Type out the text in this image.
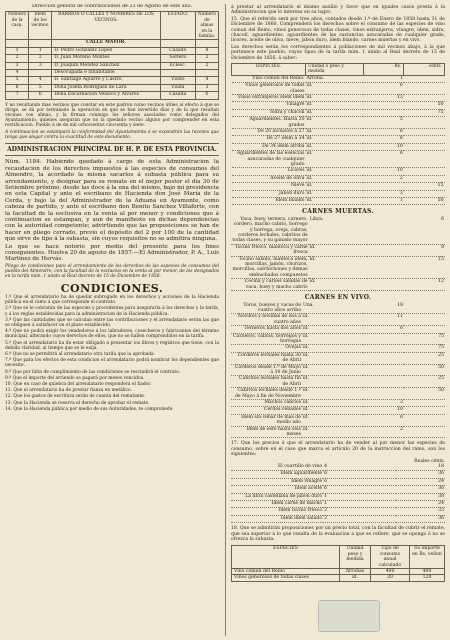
Direccion general de contribuciones de 23 de Agosto de este año.
Número de la casa.	Idem de los vecinos.	BARRIOS O CALLES Y NOMBRES DE LOS VECINOS.	ESTADO.	Número de almas en la familia.
		CALLE MAYOR.		
1	1	D. Pedro Gonzalez Lopez	Casado	8
2	2	D. Juan Moreno Montes	Soltero	2
3	3	D. Joaquin Mendez Sanchez	Eclesc.	2
4		Desocupada é inhabitable		
5	4	D. Santiago Aguirre y Castro	Viudo	4
6	5	Doña Josefa Rodriguez de Lara	Viuda	3
7	6	Doña Encarnacion Velasco y Alvarez	Casada	6
Y no resultando mas vecinos que constar en este padron como vecinos útiles al efecto á que se dirige, se dá por terminado la operacion en que se han invertido días y de la que resultan vecinos con almas, y la firman conmigo los señores asociados como delegados del Ayuntamiento, quienes aseguran que no la quedado vecino alguno por comprender en esta rectificacion. Pueblo á de de mil ochocientos cincuenta y siete.
A continuacion se estampará la conformidad del Ayuntamiento ó se expondrán las razones que tenga que alegar contra la exactitud de este documento.
ADMINISTRACION PRINCIPAL DE H. P. DE ESTA PROVINCIA.
Núm. 1184. Habiendo quedado á cargo de esta Administracion la recaudacion de los derechos impuestos á las especies de consumos del Almendro, la acordado la misma sacarlos á subasta pública para su arrendamiento, y designar para su remate en el mejor postor el dia 30 de Setiembre próximo, desde las doce á la una del mismo, bajo mi presidencia en esta Capital y ante el escribano de Hacienda don José María de la Cerda, y bajo la del Administrador de la Aduana en Ayamonte, como cabeza de partido, y ante el escribano don Benito Sanchez Villaforte, con la facultad de la esclusiva en la venta al por menor y condiciones que á continuacion se estampan, y aun de manifiesto en dichas dependencias con la autoridad competente; advirtiendo que las proposiciones se han de hacer en pliego cerrado, previo el depósito del 2 por 100 de la cantidad que sirve de tipo á la subasta, sin cuyos requisitos no se admitira ninguna.
Lo que se hace notorio por medio del presente para los fines consiguientes. Huelva 20 de agosto de 1857.—El Administrador, P. A., Luis Martinez de Hervás.
Pliego de condiciones para el arrendamiento de los derechos de las especies de consumos del pueblo del Almendro, con la facultad de la esclusiva en la venta al por menor, de los designados en la tarifa núm. 1 unido al Real decreto de 15 de Diciembre de 1856.
CONDICIONES.
1.º Que el arrendatario ha de quedar subrogado en los derechos y acciones de la Hacienda pública en el ramo á que corresponde el contrato.
2.º Que se le cobrarán de las especies y procedentes para asegurarla á los derechos y la tarifa, y á los reglas establecidas para la administracion de la Hacienda pública.
3.º Que las cantidades que se calculan entre las contribuciones y el arrendatario serán las que se obliguen á satisfacer en el plazo establecido.
4.º Que no podrá exigir los vendedores á los labradores, cosecheros y fabricantes del término municipal, alterando cuyos derechos de ellos, que no se hallen comprendidos en la tarifa.
5.º Que el arrendatario ha de estar obligado á presentar los libros y registros que tiene, con la debida claridad, al tiempo que se le exija.
6.º Que no se permitirá al arrendatario otra tarifa que la aprobada.
7.º Que para los efectos de esta condicion el arrendatario podrá nombrar los dependientes que necesite.
8.º Que por falta de cumplimiento de las condiciones se rescindirá el contrato.
9.º Que el importe del arriendo se pagará por meses vencidos.
10. Que en caso de quiebra del arrendatario responderá el fiador.
11. Que el arrendatario ha de prestar fianza en metálico.
12. Que los gastos de escritura serán de cuenta del rematante.
13. Que la Hacienda se reserva el derecho de aprobar el remate.
14. Que la Hacienda pública por medio de sus Autoridades, te compromete
á prestar al arrendatario el mismo auxilio y favor que en iguales casos presta á la Administracion que lo interesa en su logro.
15. Que el referido será por tres años, contados desde 1.º de Enero de 1858 hasta 31 de Diciembre de 1860. Comprenderá los derechos sobre el consumo de las especies de vino comun del Reino, vinos generosos de todas clases, vinos extranjeros, vinagre, idem, sidra, chacolí, aguardientes, aguardientes de las sustancias azucaradas de cualquier grado, licores, aceite de oliva, nieve, jabon duro, idem blando, carnes muertas y en vivo.
Las derechos serán los correspondientes á poblaciones de mil vecinos abajo, á la que pertenece este pueblo, cuyos tipos de la tarifa núm. 1 unido al Real decreto de 15 de Diciembre de 1856, á saber:
ESPECIES.	Unidad o peso y medida	Rs.	cents.
Vino comun del Reino.	Arroba.	1	
Vinos generosos de todas clases	id.	6	
Vinos extranjeros idem idem	id.	13	
Vinagre	id.		50
Sidra y chacolí	id.		75
Aguardientes. Hasta 20 grados	id.	5	
De 20 inclusive á 27	id.	6	
De 27 idem á 34	id.	8	
De 34 idem arriba	id.	10	
Aguardientes de las esencias azucaradas de cualquier grado	id.	6	
Licores	id.	10	
Aceite de oliva	id.	2	
Nieve	id.		15
Jabon duro	id.	3	
Idem blando	id.	1	50
CARNES MUERTAS.
Vaca, buey, ternera, carnero, cordero, macho cabrío, borrego y borrega, oveja, cabras, corderos lechales, cabritos de todas clases, y su ganado mayor	Libra.		6
Tocino fresco, manteca y carne fresca	id.		8
Tocino salado, manteca idem, morcillas, jamón, chorizos, morcillas, salchichones y demas embuchados compuestos	id.		15
Cecina y carnes saladas de vaca, buey y macho cabrío	id.		12
CARNES EN VIVO.
Toros, bueyes y vacas de cuatro años arriba	Una.	18	
Novillos y novillas de dos á cuatro años	id.	11	
Terneros hasta dos años	id.	6	
Carneros, cabras, borregos y borregas	id.		75
Ovejas	id.		75
Corderos lechales hasta 30 de Abril	id.		25
Corderos desde 1.º de Mayo á 30 de Junio	id.		50
Cabritos lechales hasta fin de Abril	id.		25
Cabritos lechales desde 1.º de Mayo á fin de Noviembre	id.		50
Machos cabríos	id.	2	
Cerdos cebados	id.	10	
Idem sin cebar de mas de medio año	id.	6	
Idem de este hasta seis meses	id.	2	
17. Que los precios á que el arrendatario ha de vender al por menor las especies de consumo, sobre en el caso que marca el artículo 20 de la instruccion del ramo, son los siguientes:
Reales cénts.
El cuartillo de vino	4	18
Idem aguardiente	6	36
Idem vinagre	6	24
Idem aceite	6	36
La libra castellana de jabon duro	1	38
Idem carne de macho	1	24
Idem tocino fresco	2	33
Idem idem salado	2	36
18. Que se admitirán proposiciones por un precio total, con la facultad de cubrir el remate, que sea superior á lo que resulta de la evaluacion a que se refiere, que se oponga ó no se ofrezca la subasta.
ESPECIES	Unidad peso y medida	Tipo de consumo anual calculado	Su importe en Rs. vellon
Vino comun del Reino	Arrobas	400	400
Vinos generosos de todas clases	id.	20	120
